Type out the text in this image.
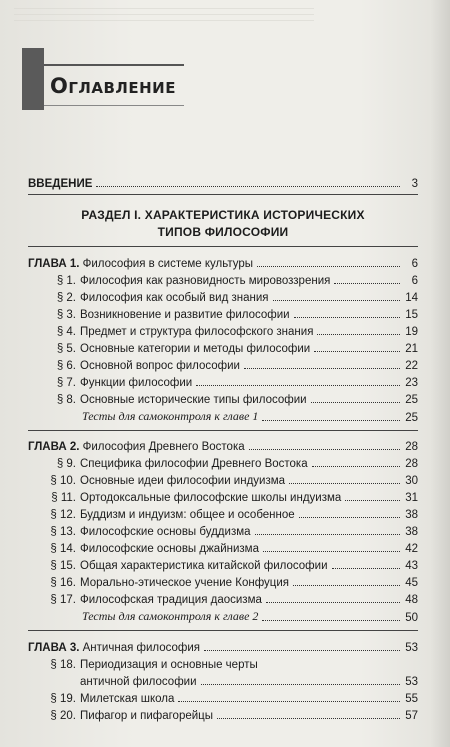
Оглавление
ВВЕДЕНИЕ	3
РАЗДЕЛ I. ХАРАКТЕРИСТИКА ИСТОРИЧЕСКИХ
ТИПОВ ФИЛОСОФИИ
ГЛАВА 1. Философия в системе культуры	6
§ 1. Философия как разновидность мировоззрения	6
§ 2. Философия как особый вид знания	14
§ 3. Возникновение и развитие философии	15
§ 4. Предмет и структура философского знания	19
§ 5. Основные категории и методы философии	21
§ 6. Основной вопрос философии	22
§ 7. Функции философии	23
§ 8. Основные исторические типы философии	25
Тесты для самоконтроля к главе 1	25
ГЛАВА 2. Философия Древнего Востока	28
§ 9. Специфика философии Древнего Востока	28
§ 10. Основные идеи философии индуизма	30
§ 11. Ортодоксальные философские школы индуизма	31
§ 12. Буддизм и индуизм: общее и особенное	38
§ 13. Философские основы буддизма	38
§ 14. Философские основы джайнизма	42
§ 15. Общая характеристика китайской философии	43
§ 16. Морально-этическое учение Конфуция	45
§ 17. Философская традиция даосизма	48
Тесты для самоконтроля к главе 2	50
ГЛАВА 3. Античная философия	53
§ 18. Периодизация и основные черты
античной философии	53
§ 19. Милетская школа	55
§ 20. Пифагор и пифагорейцы	57
